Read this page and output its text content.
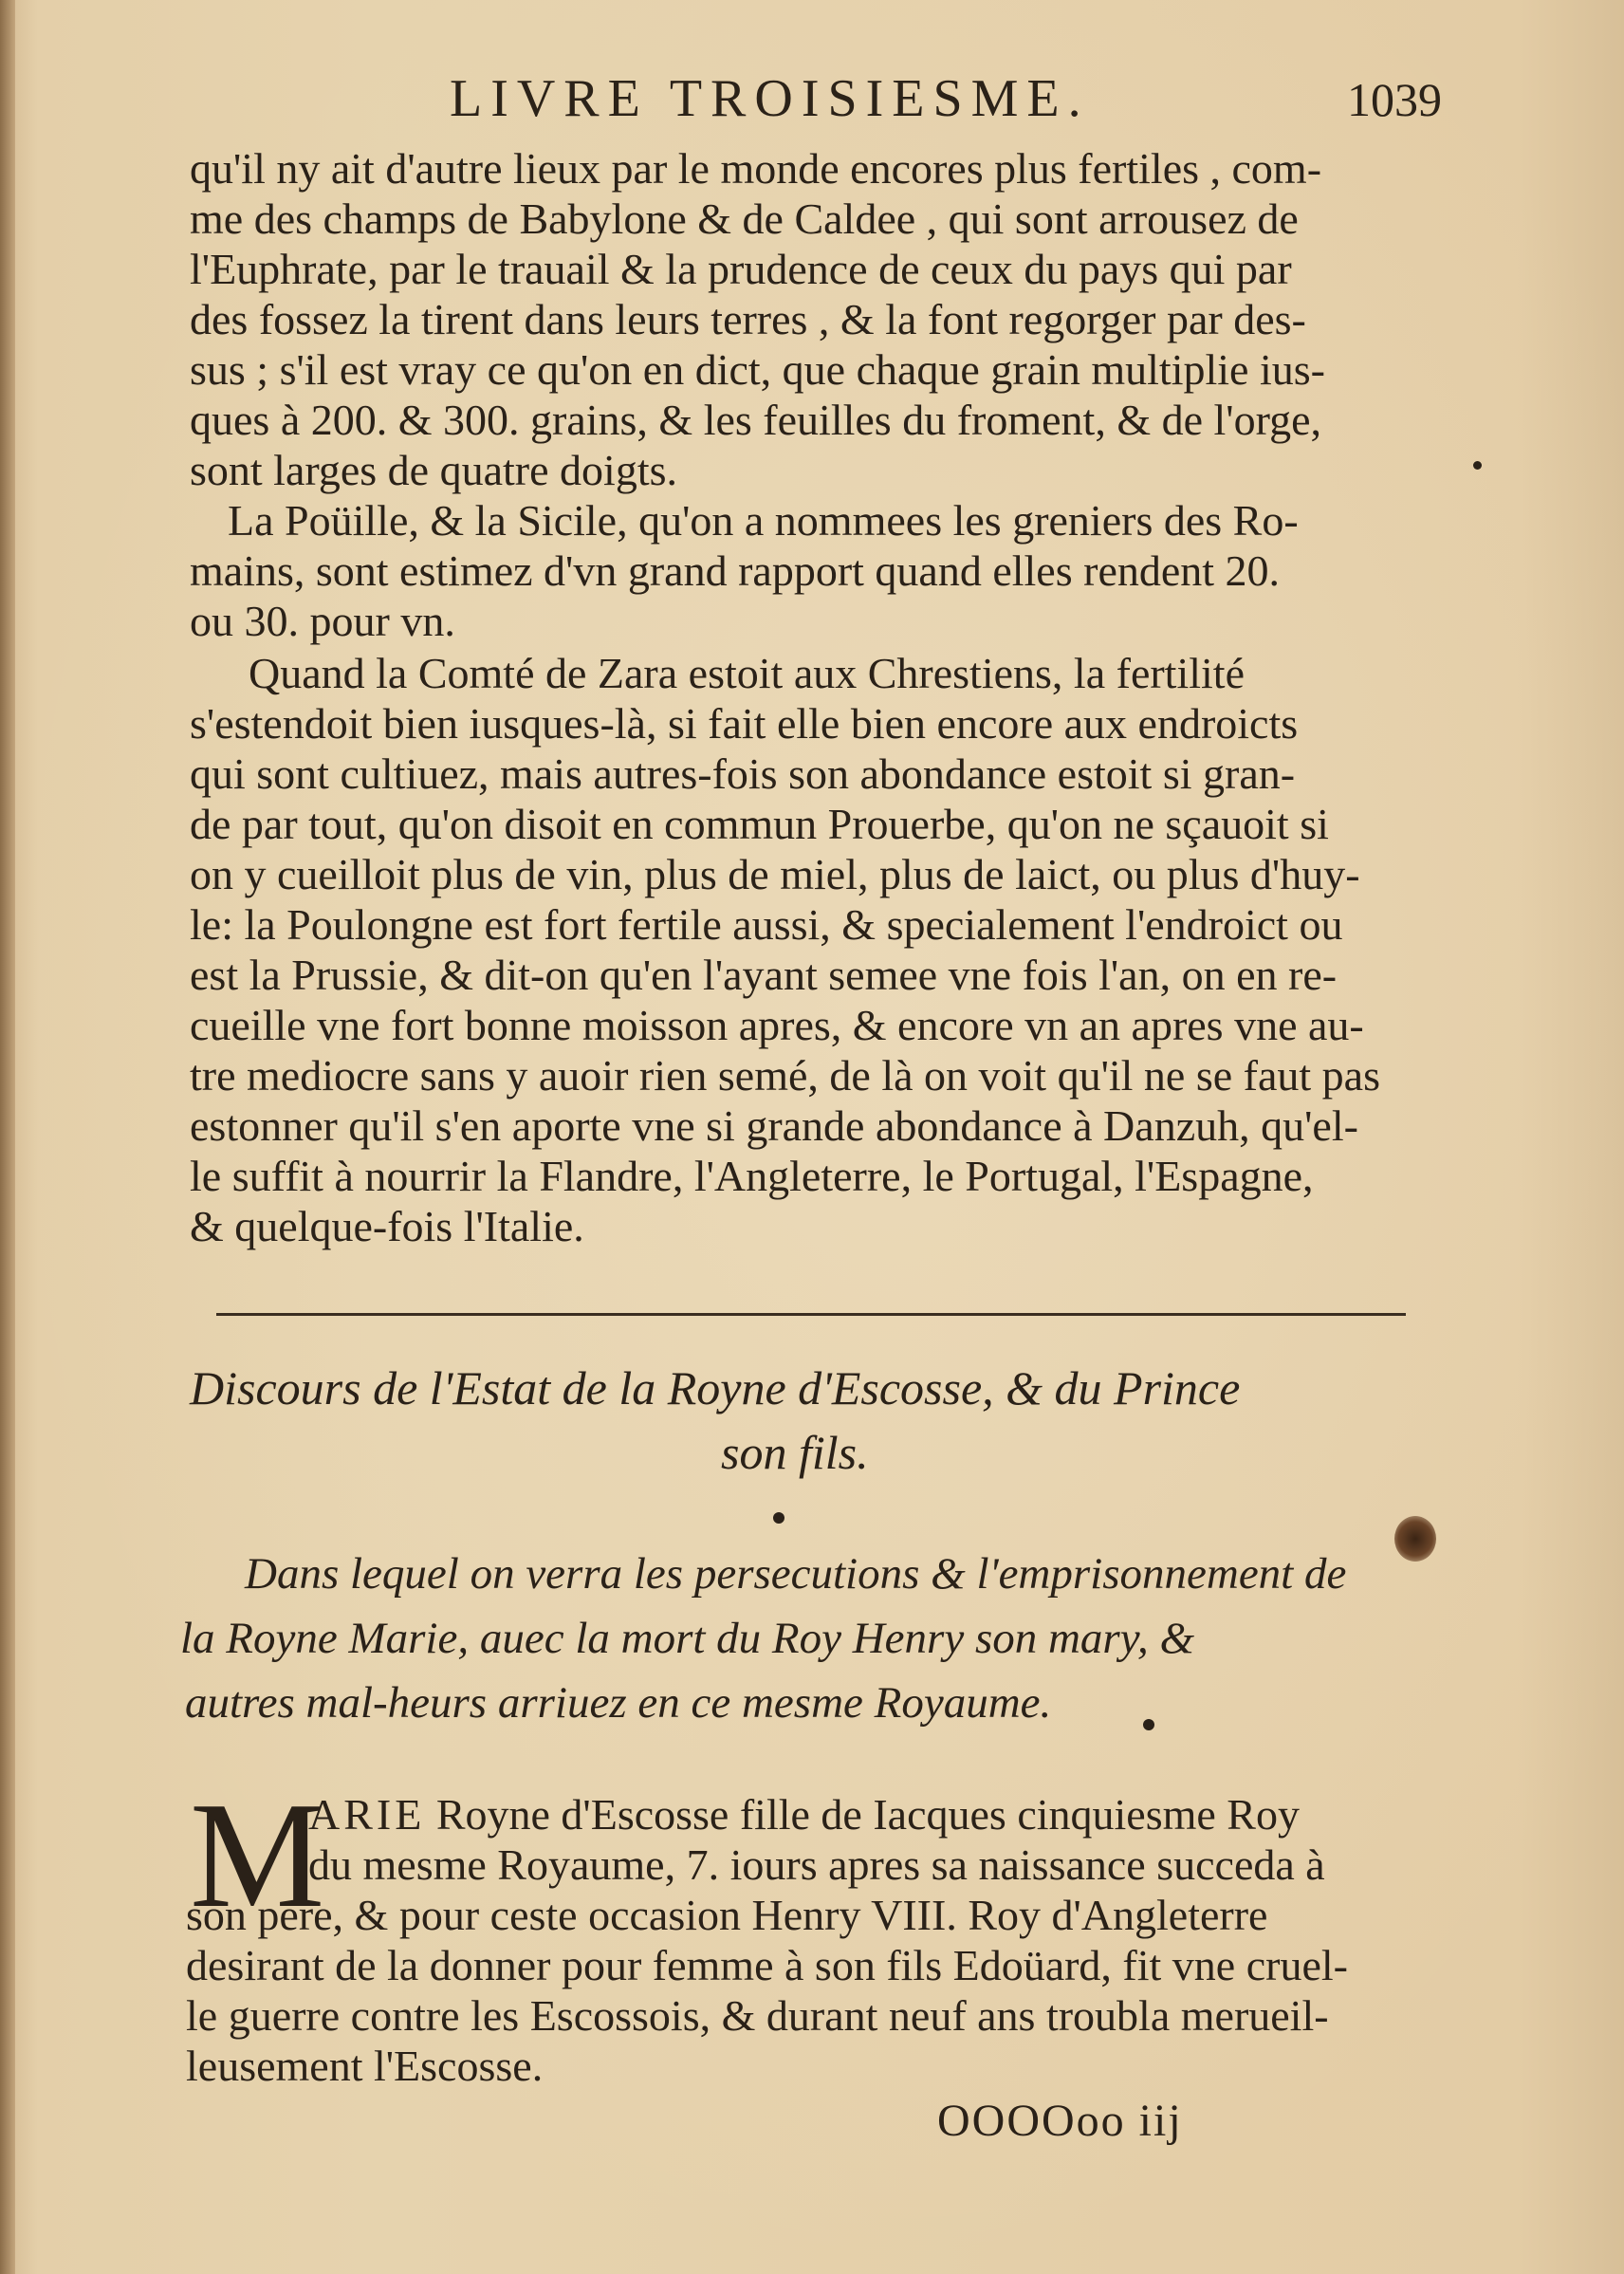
LIVRE TROISIESME.	1039
qu'il ny ait d'autre lieux par le monde encores plus fertiles , com-
me des champs de Babylone & de Caldee , qui sont arrousez de
l'Euphrate, par le trauail & la prudence de ceux du pays qui par
des fossez la tirent dans leurs terres , & la font regorger par des-
sus ; s'il est vray ce qu'on en dict, que chaque grain multiplie ius-
ques à 200. & 300. grains, & les feuilles du froment, & de l'orge,
sont larges de quatre doigts.
La Poüille, & la Sicile, qu'on a nommees les greniers des Ro-
mains, sont estimez d'vn grand rapport quand elles rendent 20.
ou 30. pour vn.
Quand la Comté de Zara estoit aux Chrestiens, la fertilité
s'estendoit bien iusques-là, si fait elle bien encore aux endroicts
qui sont cultiuez, mais autres-fois son abondance estoit si gran-
de par tout, qu'on disoit en commun Prouerbe, qu'on ne sçauoit si
on y cueilloit plus de vin, plus de miel, plus de laict, ou plus d'huy-
le: la Poulongne est fort fertile aussi, & specialement l'endroict ou
est la Prussie, & dit-on qu'en l'ayant semee vne fois l'an, on en re-
cueille vne fort bonne moisson apres, & encore vn an apres vne au-
tre mediocre sans y auoir rien semé, de là on voit qu'il ne se faut pas
estonner qu'il s'en aporte vne si grande abondance à Danzuh, qu'el-
le suffit à nourrir la Flandre, l'Angleterre, le Portugal, l'Espagne,
& quelque-fois l'Italie.
Discours de l'Estat de la Royne d'Escosse, & du Prince
son fils.
Dans lequel on verra les persecutions & l'emprisonnement de
la Royne Marie, auec la mort du Roy Henry son mary, &
autres mal-heurs arriuez en ce mesme Royaume.
M
ARIE Royne d'Escosse fille de Iacques cinquiesme Roy
du mesme Royaume, 7. iours apres sa naissance succeda à
son pere, & pour ceste occasion Henry VIII. Roy d'Angleterre
desirant de la donner pour femme à son fils Edoüard, fit vne cruel-
le guerre contre les Escossois, & durant neuf ans troubla merueil-
leusement l'Escosse.
OOOOoo iij
